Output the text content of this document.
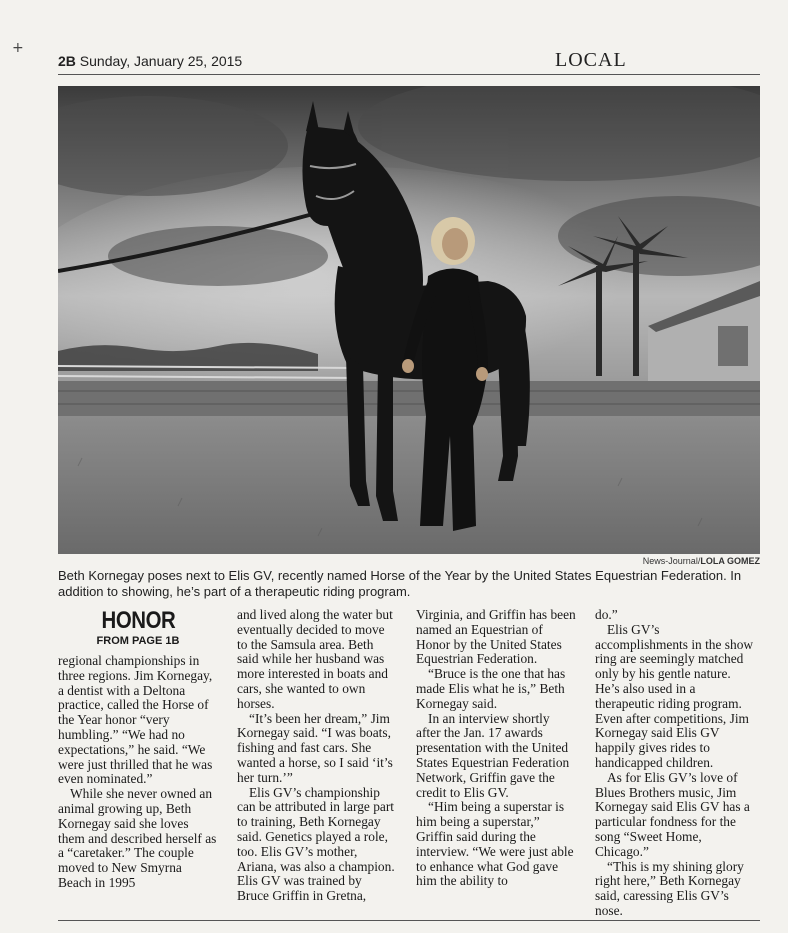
+
2B Sunday, January 25, 2015	LOCAL
News-Journal/LOLA GOMEZ
Beth Kornegay poses next to Elis GV, recently named Horse of the Year by the United States Equestrian Federation. In addition to showing, he’s part of a therapeutic riding program.
HONOR
FROM PAGE 1B

regional championships in three regions. Jim Kornegay, a dentist with a Deltona practice, called the Horse of the Year honor “very humbling.” “We had no expectations,” he said. “We were just thrilled that he was even nominated.”

While she never owned an animal growing up, Beth Kornegay said she loves them and described herself as a “caretaker.” The couple moved to New Smyrna Beach in 1995

and lived along the water but eventually decided to move to the Samsula area. Beth said while her husband was more interested in boats and cars, she wanted to own horses.

“It’s been her dream,” Jim Kornegay said. “I was boats, fishing and fast cars. She wanted a horse, so I said ‘it’s her turn.’”

Elis GV’s championship can be attributed in large part to training, Beth Kornegay said. Genetics played a role, too. Elis GV’s mother, Ariana, was also a champion. Elis GV was trained by Bruce Griffin in Gretna,

Virginia, and Griffin has been named an Equestrian of Honor by the United States Equestrian Federation.

“Bruce is the one that has made Elis what he is,” Beth Kornegay said.

In an interview shortly after the Jan. 17 awards presentation with the United States Equestrian Federation Network, Griffin gave the credit to Elis GV.

“Him being a superstar is him being a superstar,” Griffin said during the interview. “We were just able to enhance what God gave him the ability to

do.”

Elis GV’s accomplishments in the show ring are seemingly matched only by his gentle nature. He’s also used in a therapeutic riding program. Even after competitions, Jim Kornegay said Elis GV happily gives rides to handicapped children.

As for Elis GV’s love of Blues Brothers music, Jim Kornegay said Elis GV has a particular fondness for the song “Sweet Home, Chicago.”

“This is my shining glory right here,” Beth Kornegay said, caressing Elis GV’s nose.
